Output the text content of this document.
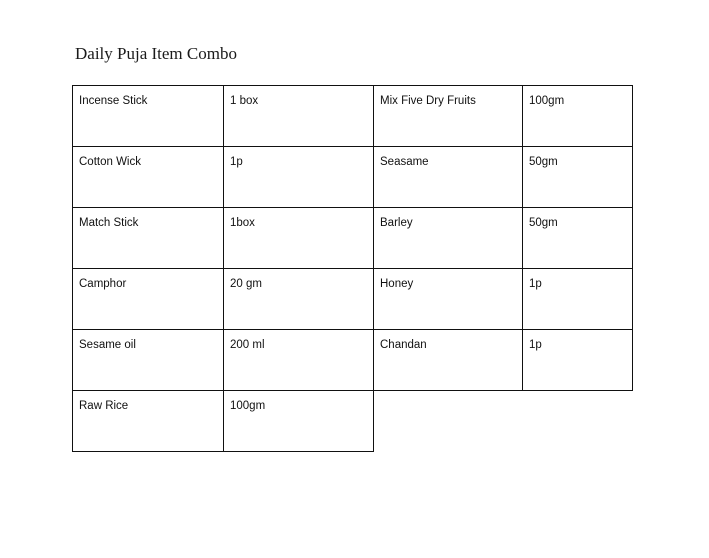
Daily Puja Item Combo
Incense Stick	1 box	Mix Five Dry Fruits	100gm
Cotton Wick	1p	Seasame	50gm
Match Stick	1box	Barley	50gm
Camphor	20 gm	Honey	1p
Sesame oil	200 ml	Chandan	1p
Raw Rice	100gm		
